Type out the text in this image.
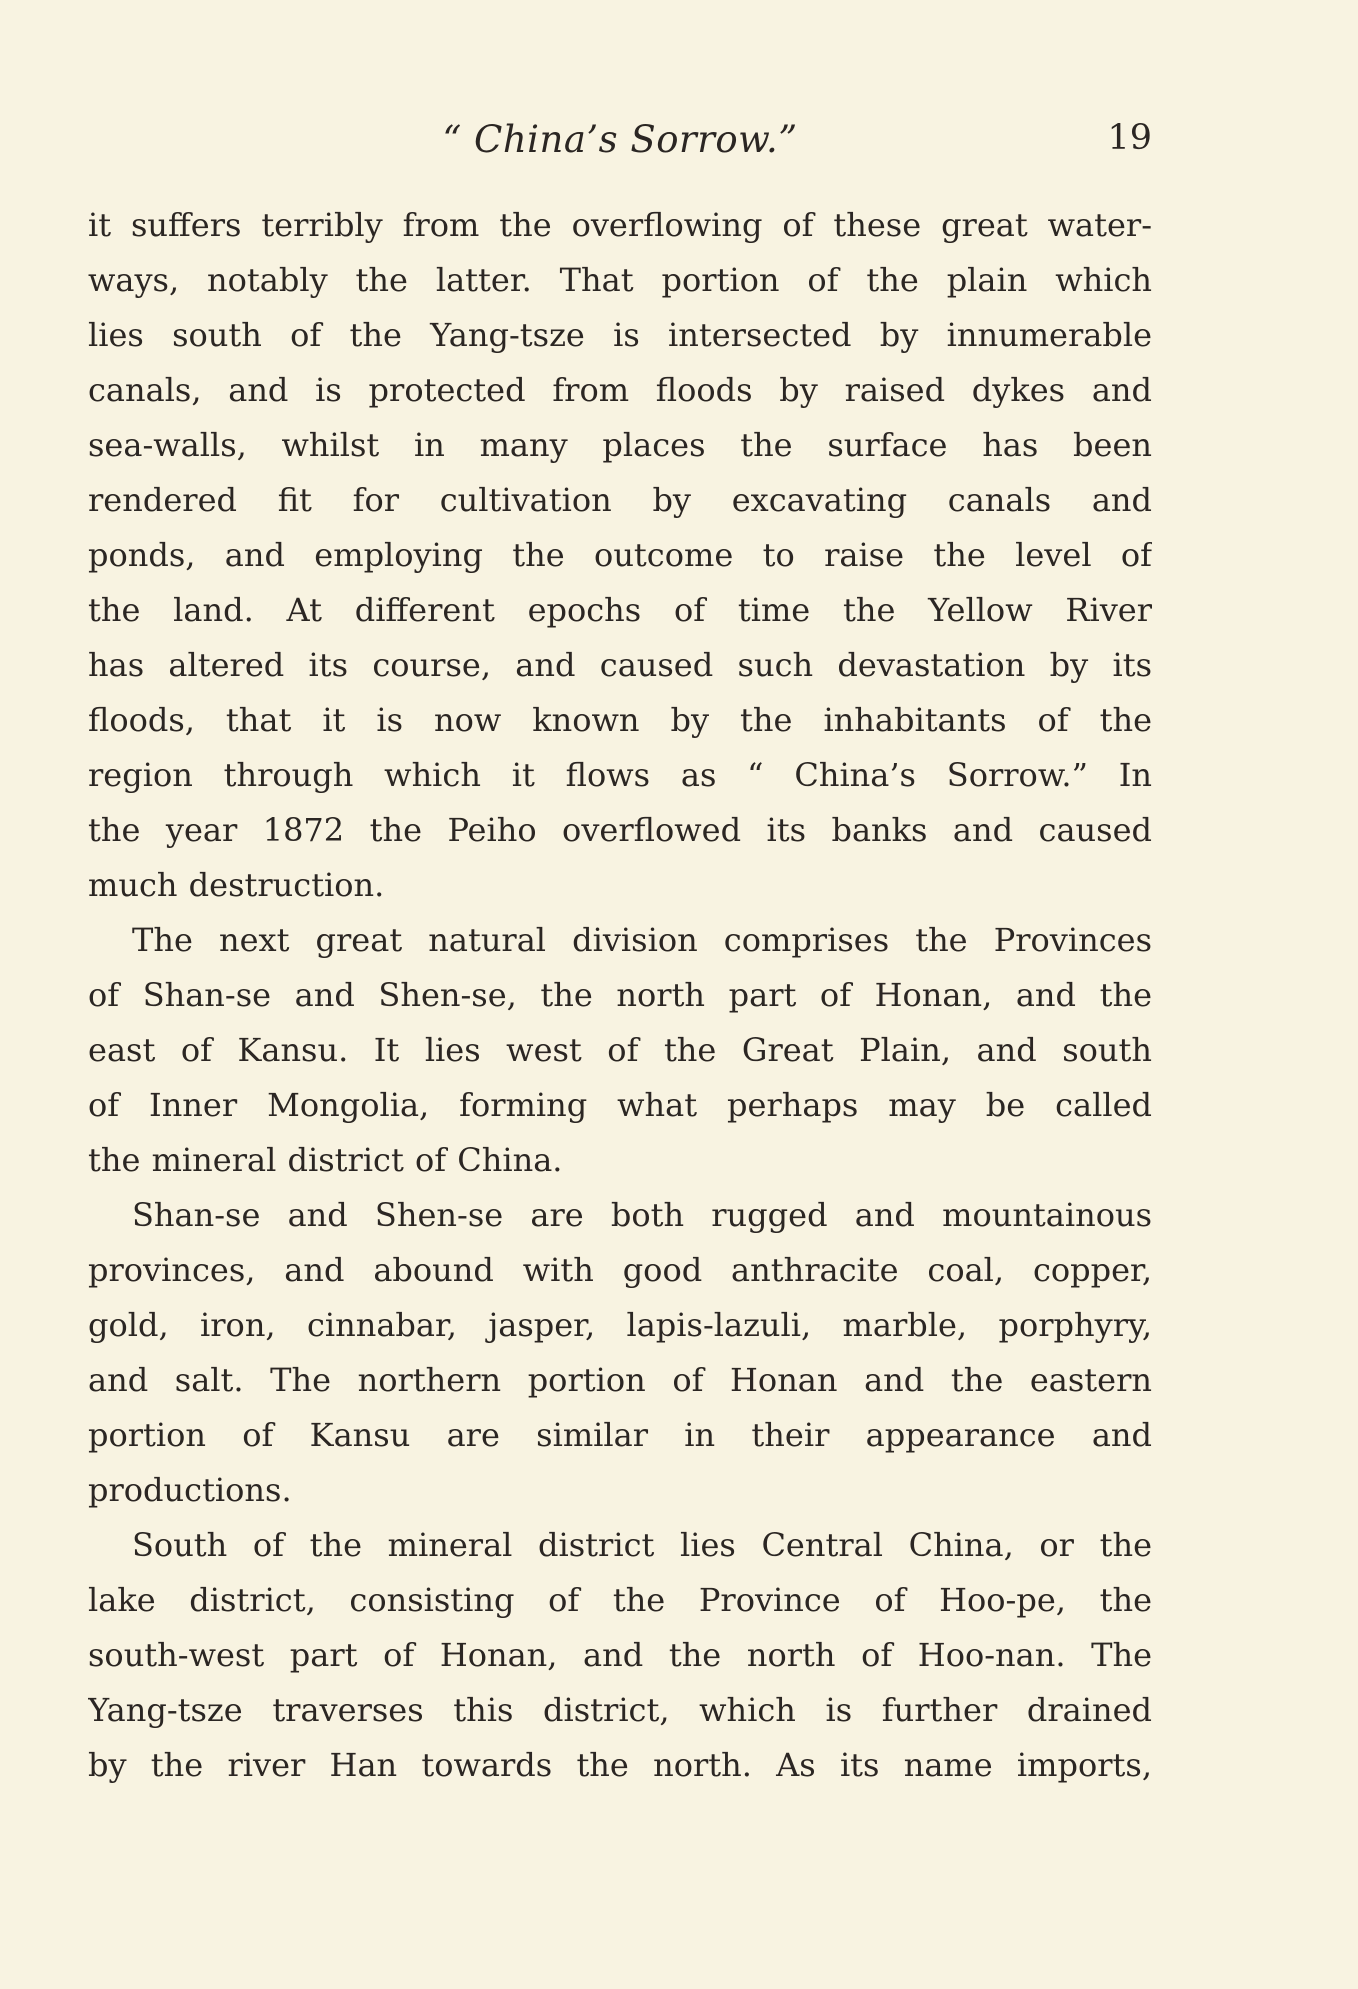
“ China’s Sorrow.”	19
it suffers terribly from the overflowing of these great water-
ways, notably the latter. That portion of the plain which
lies south of the Yang-tsze is intersected by innumerable
canals, and is protected from floods by raised dykes and
sea-walls, whilst in many places the surface has been
rendered fit for cultivation by excavating canals and
ponds, and employing the outcome to raise the level of
the land. At different epochs of time the Yellow River
has altered its course, and caused such devastation by its
floods, that it is now known by the inhabitants of the
region through which it flows as “ China’s Sorrow.” In
the year 1872 the Peiho overflowed its banks and caused
much destruction.
The next great natural division comprises the Provinces
of Shan-se and Shen-se, the north part of Honan, and the
east of Kansu. It lies west of the Great Plain, and south
of Inner Mongolia, forming what perhaps may be called
the mineral district of China.
Shan-se and Shen-se are both rugged and mountainous
provinces, and abound with good anthracite coal, copper,
gold, iron, cinnabar, jasper, lapis-lazuli, marble, porphyry,
and salt. The northern portion of Honan and the eastern
portion of Kansu are similar in their appearance and
productions.
South of the mineral district lies Central China, or the
lake district, consisting of the Province of Hoo-pe, the
south-west part of Honan, and the north of Hoo-nan. The
Yang-tsze traverses this district, which is further drained
by the river Han towards the north. As its name imports,
